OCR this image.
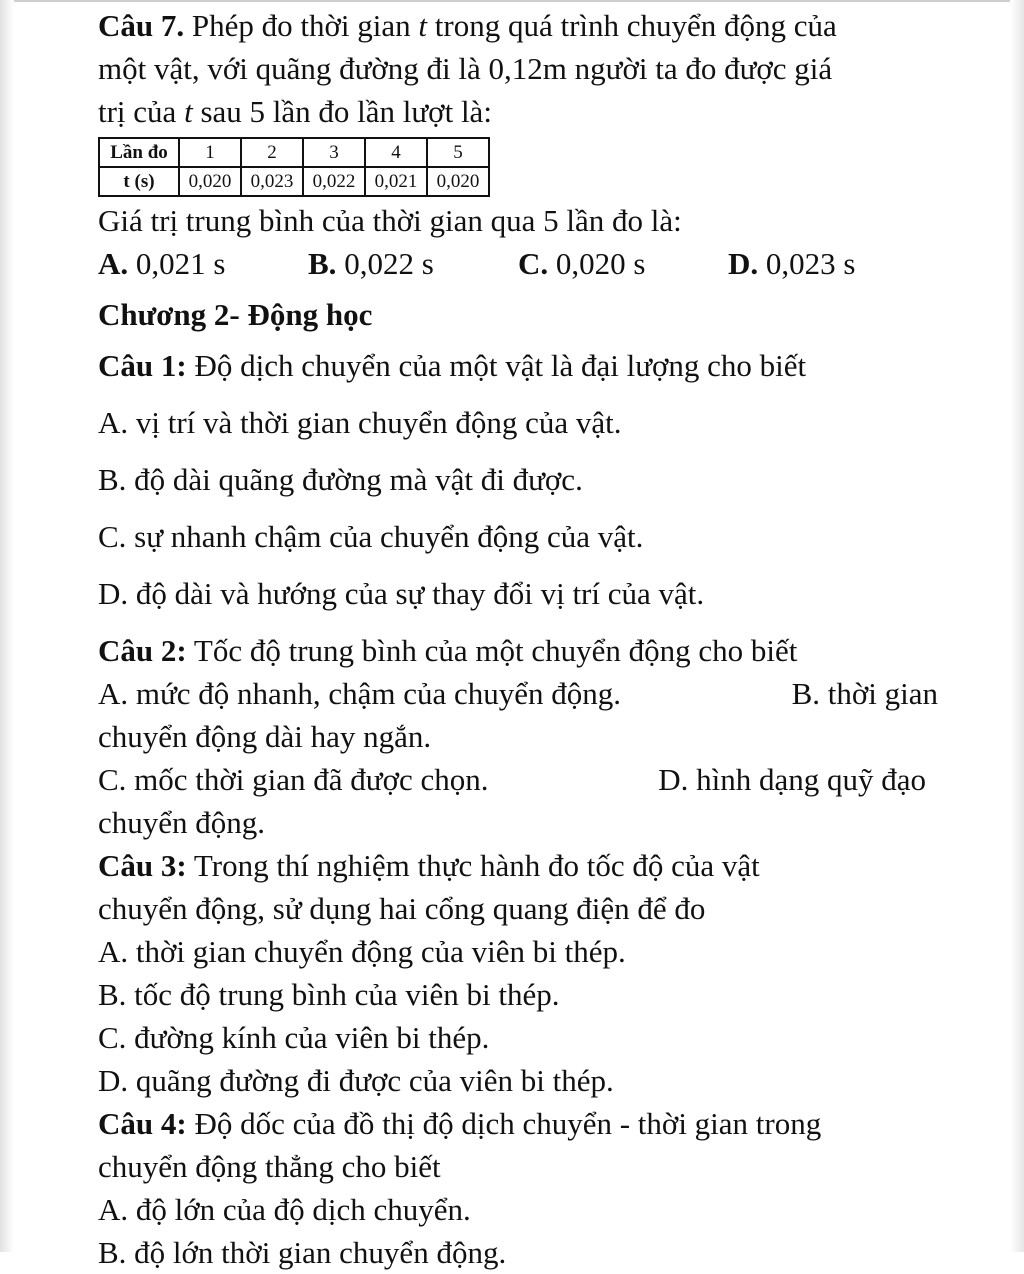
Câu 7. Phép đo thời gian t trong quá trình chuyển động của
một vật, với quãng đường đi là 0,12m người ta đo được giá
trị của t sau 5 lần đo lần lượt là:
Lần đo	1	2	3	4	5
t (s)	0,020	0,023	0,022	0,021	0,020
Giá trị trung bình của thời gian qua 5 lần đo là:
A. 0,021 s	B. 0,022 s	C. 0,020 s	D. 0,023 s
Chương 2- Động học
Câu 1: Độ dịch chuyển của một vật là đại lượng cho biết
A. vị trí và thời gian chuyển động của vật.
B. độ dài quãng đường mà vật đi được.
C. sự nhanh chậm của chuyển động của vật.
D. độ dài và hướng của sự thay đổi vị trí của vật.
Câu 2: Tốc độ trung bình của một chuyển động cho biết
A. mức độ nhanh, chậm của chuyển động.	B. thời gian
chuyển động dài hay ngắn.
C. mốc thời gian đã được chọn.	D. hình dạng quỹ đạo
chuyển động.
Câu 3: Trong thí nghiệm thực hành đo tốc độ của vật
chuyển động, sử dụng hai cổng quang điện để đo
A. thời gian chuyển động của viên bi thép.
B. tốc độ trung bình của viên bi thép.
C. đường kính của viên bi thép.
D. quãng đường đi được của viên bi thép.
Câu 4: Độ dốc của đồ thị độ dịch chuyển - thời gian trong
chuyển động thẳng cho biết
A. độ lớn của độ dịch chuyển.
B. độ lớn thời gian chuyển động.
